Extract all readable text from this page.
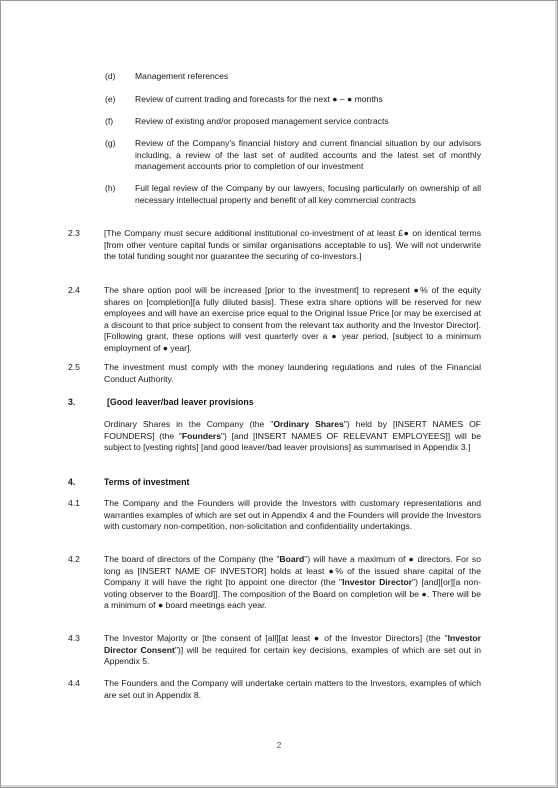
(d) Management references
(e) Review of current trading and forecasts for the next ● – ● months
(f)	Review of existing and/or proposed management service contracts
(g) Review of the Company’s financial history and current financial situation by our advisors including, a review of the last set of audited accounts and the latest set of monthly management accounts prior to completion of our investment
(h) Full legal review of the Company by our lawyers, focusing particularly on ownership of all necessary intellectual property and benefit of all key commercial contracts
2.3	[The Company must secure additional institutional co-investment of at least £● on identical terms [from other venture capital funds or similar organisations acceptable to us]. We will not underwrite the total funding sought nor guarantee the securing of co-investors.]
2.4	The share option pool will be increased [prior to the investment] to represent ●% of the equity shares on [completion][a fully diluted basis]. These extra share options will be reserved for new employees and will have an exercise price equal to the Original Issue Price [or may be exercised at a discount to that price subject to consent from the relevant tax authority and the Investor Director]. [Following grant, these options will vest quarterly over a ● year period, [subject to a minimum employment of ● year].
2.5	The investment must comply with the money laundering regulations and rules of the Financial Conduct Authority.
3.	[Good leaver/bad leaver provisions
Ordinary Shares in the Company (the "Ordinary Shares") held by [INSERT NAMES OF FOUNDERS] (the "Founders") [and [INSERT NAMES OF RELEVANT EMPLOYEES]] will be subject to [vesting rights] [and good leaver/bad leaver provisions] as summarised in Appendix 3.]
4.	Terms of investment
4.1	The Company and the Founders will provide the Investors with customary representations and warranties examples of which are set out in Appendix 4 and the Founders will provide the Investors with customary non-competition, non-solicitation and confidentiality undertakings.
4.2	The board of directors of the Company (the "Board") will have a maximum of ● directors. For so long as [INSERT NAME OF INVESTOR] holds at least ●% of the issued share capital of the Company it will have the right [to appoint one director (the "Investor Director") [and][or][a non-voting observer to the Board]]. The composition of the Board on completion will be ●. There will be a minimum of ● board meetings each year.
4.3	The Investor Majority or [the consent of [all][at least ● of the Investor Directors] (the "Investor Director Consent")] will be required for certain key decisions, examples of which are set out in Appendix 5.
4.4	The Founders and the Company will undertake certain matters to the Investors, examples of which are set out in Appendix 8.
2
